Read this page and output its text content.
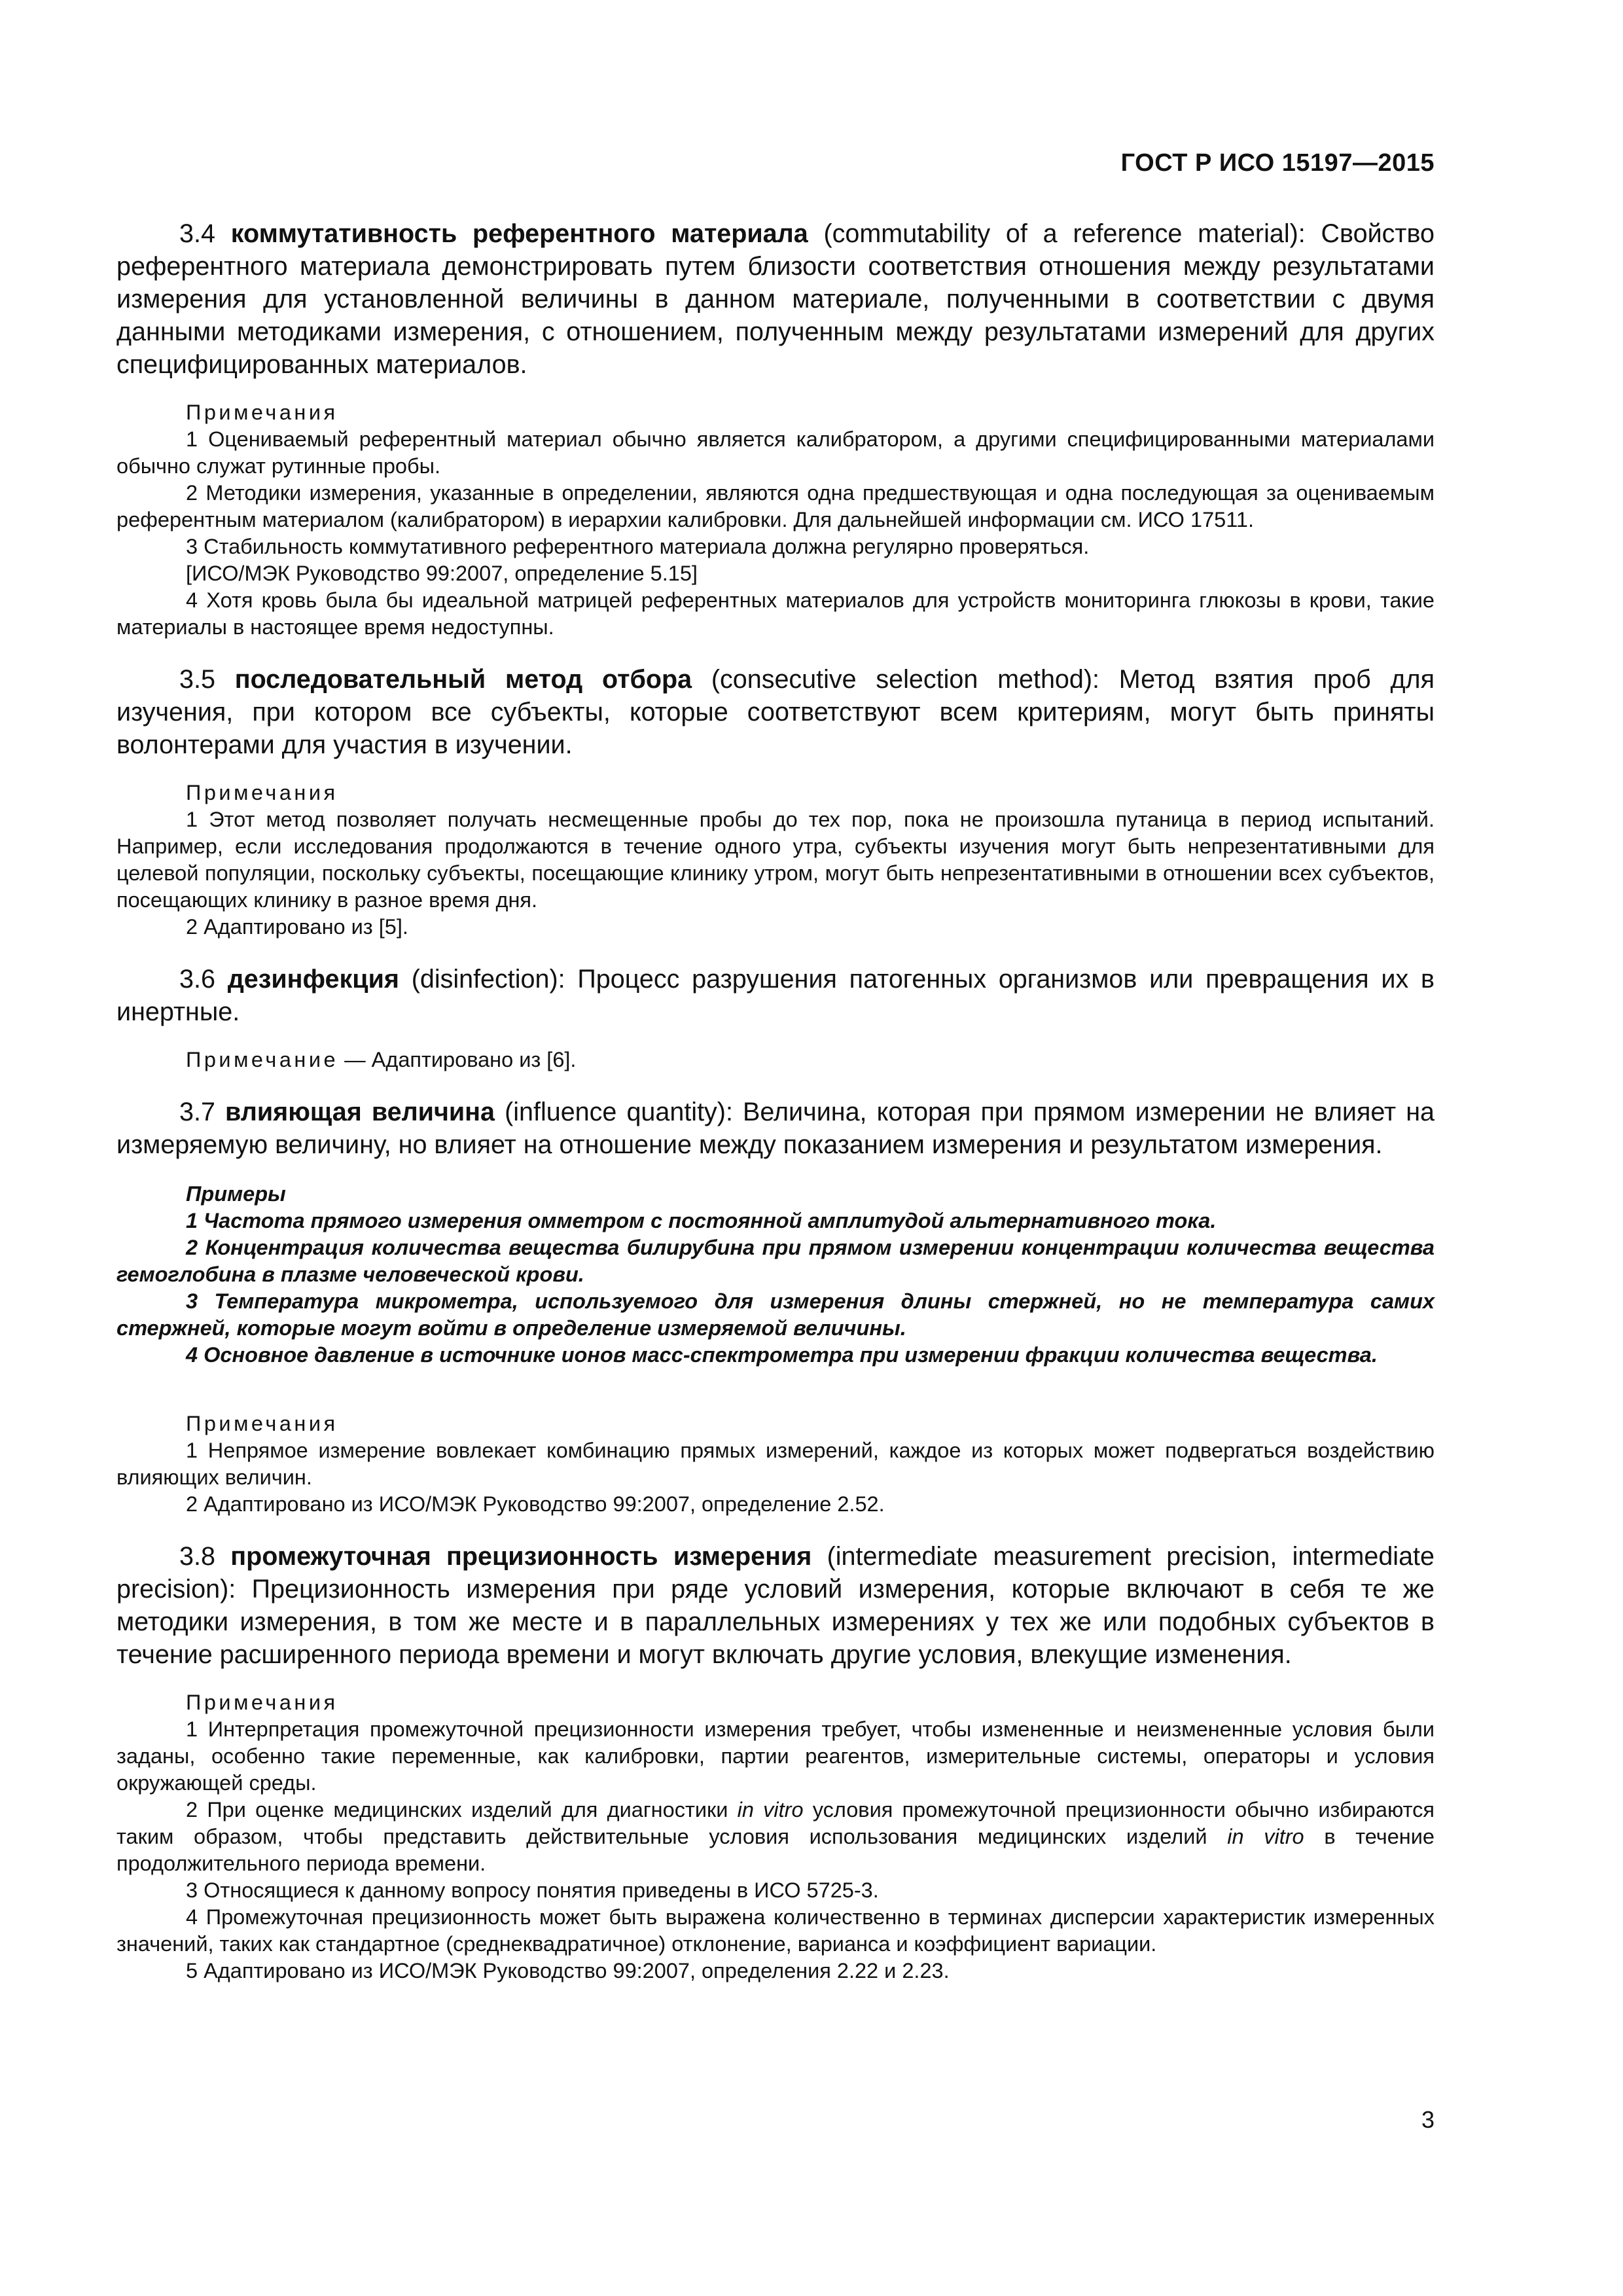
ГОСТ Р ИСО 15197—2015

3.4 коммутативность референтного материала (commutability of a reference material): Свойство референтного материала демонстрировать путем близости соответствия отношения между результатами измерения для установленной величины в данном материале, полученными в соответствии с двумя данными методиками измерения, с отношением, полученным между результатами измерений для других специфицированных материалов.

Примечания

1 Оцениваемый референтный материал обычно является калибратором, а другими специфицированными материалами обычно служат рутинные пробы.

2 Методики измерения, указанные в определении, являются одна предшествующая и одна последующая за оцениваемым референтным материалом (калибратором) в иерархии калибровки. Для дальнейшей информации см. ИСО 17511.

3 Стабильность коммутативного референтного материала должна регулярно проверяться.

[ИСО/МЭК Руководство 99:2007, определение 5.15]

4 Хотя кровь была бы идеальной матрицей референтных материалов для устройств мониторинга глюкозы в крови, такие материалы в настоящее время недоступны.

3.5 последовательный метод отбора (consecutive selection method): Метод взятия проб для изучения, при котором все субъекты, которые соответствуют всем критериям, могут быть приняты волонтерами для участия в изучении.

Примечания

1 Этот метод позволяет получать несмещенные пробы до тех пор, пока не произошла путаница в период испытаний. Например, если исследования продолжаются в течение одного утра, субъекты изучения могут быть непрезентативными для целевой популяции, поскольку субъекты, посещающие клинику утром, могут быть непрезентативными в отношении всех субъектов, посещающих клинику в разное время дня.

2 Адаптировано из [5].

3.6 дезинфекция (disinfection): Процесс разрушения патогенных организмов или превращения их в инертные.

Примечание — Адаптировано из [6].

3.7 влияющая величина (influence quantity): Величина, которая при прямом измерении не влияет на измеряемую величину, но влияет на отношение между показанием измерения и результатом измерения.

Примеры

1 Частота прямого измерения омметром с постоянной амплитудой альтернативного тока.

2 Концентрация количества вещества билирубина при прямом измерении концентрации количества вещества гемоглобина в плазме человеческой крови.

3 Температура микрометра, используемого для измерения длины стержней, но не температура самих стержней, которые могут войти в определение измеряемой величины.

4 Основное давление в источнике ионов масс-спектрометра при измерении фракции количества вещества.

Примечания

1 Непрямое измерение вовлекает комбинацию прямых измерений, каждое из которых может подвергаться воздействию влияющих величин.

2 Адаптировано из ИСО/МЭК Руководство 99:2007, определение 2.52.

3.8 промежуточная прецизионность измерения (intermediate measurement precision, intermediate precision): Прецизионность измерения при ряде условий измерения, которые включают в себя те же методики измерения, в том же месте и в параллельных измерениях у тех же или подобных субъектов в течение расширенного периода времени и могут включать другие условия, влекущие изменения.

Примечания

1 Интерпретация промежуточной прецизионности измерения требует, чтобы измененные и неизмененные условия были заданы, особенно такие переменные, как калибровки, партии реагентов, измерительные системы, операторы и условия окружающей среды.

2 При оценке медицинских изделий для диагностики in vitro условия промежуточной прецизионности обычно избираются таким образом, чтобы представить действительные условия использования медицинских изделий in vitro в течение продолжительного периода времени.

3 Относящиеся к данному вопросу понятия приведены в ИСО 5725-3.

4 Промежуточная прецизионность может быть выражена количественно в терминах дисперсии характеристик измеренных значений, таких как стандартное (среднеквадратичное) отклонение, варианса и коэффициент вариации.

5 Адаптировано из ИСО/МЭК Руководство 99:2007, определения 2.22 и 2.23.

3
